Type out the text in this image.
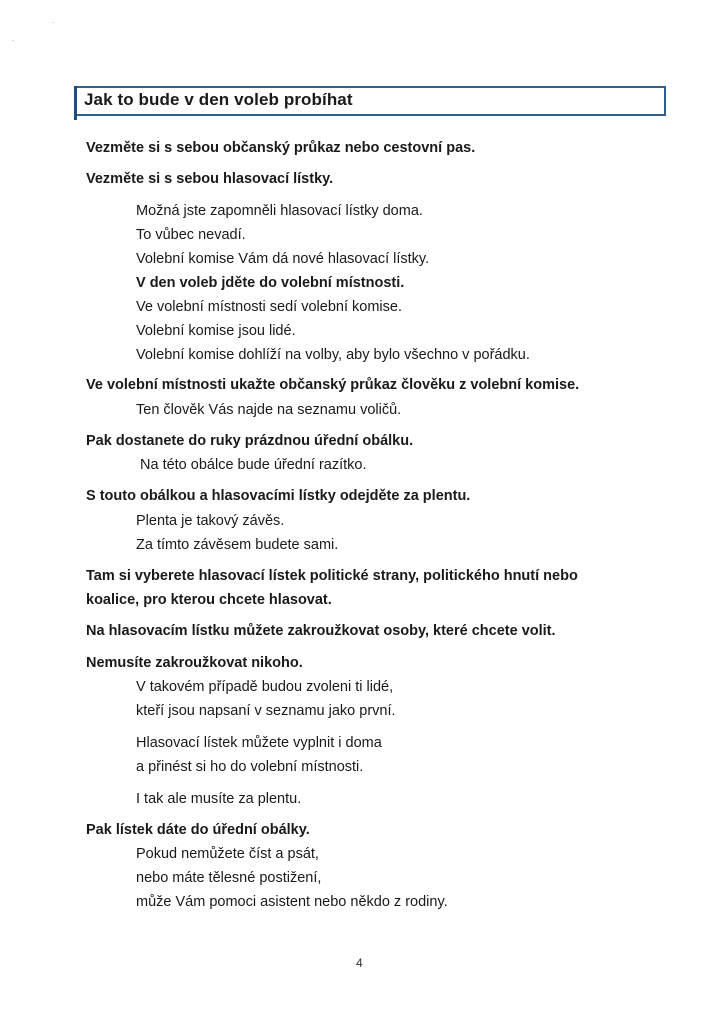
Jak to bude v den voleb probíhat
Vezměte si s sebou občanský průkaz nebo cestovní pas.
Vezměte si s sebou hlasovací lístky.
Možná jste zapomněli hlasovací lístky doma.
To vůbec nevadí.
Volební komise Vám dá nové hlasovací lístky.
V den voleb jděte do volební místnosti.
Ve volební místnosti sedí volební komise.
Volební komise jsou lidé.
Volební komise dohlíží na volby, aby bylo všechno v pořádku.
Ve volební místnosti ukažte občanský průkaz člověku z volební komise.
Ten člověk Vás najde na seznamu voličů.
Pak dostanete do ruky prázdnou úřední obálku.
Na této obálce bude úřední razítko.
S touto obálkou a hlasovacími lístky odejděte za plentu.
Plenta je takový závěs.
Za tímto závěsem budete sami.
Tam si vyberete hlasovací lístek politické strany, politického hnutí nebo
koalice, pro kterou chcete hlasovat.
Na hlasovacím lístku můžete zakroužkovat osoby, které chcete volit.
Nemusíte zakroužkovat nikoho.
V takovém případě budou zvoleni ti lidé,
kteří jsou napsaní v seznamu jako první.
Hlasovací lístek můžete vyplnit i doma
a přinést si ho do volební místnosti.
I tak ale musíte za plentu.
Pak lístek dáte do úřední obálky.
Pokud nemůžete číst a psát,
nebo máte tělesné postižení,
může Vám pomoci asistent nebo někdo z rodiny.
4
